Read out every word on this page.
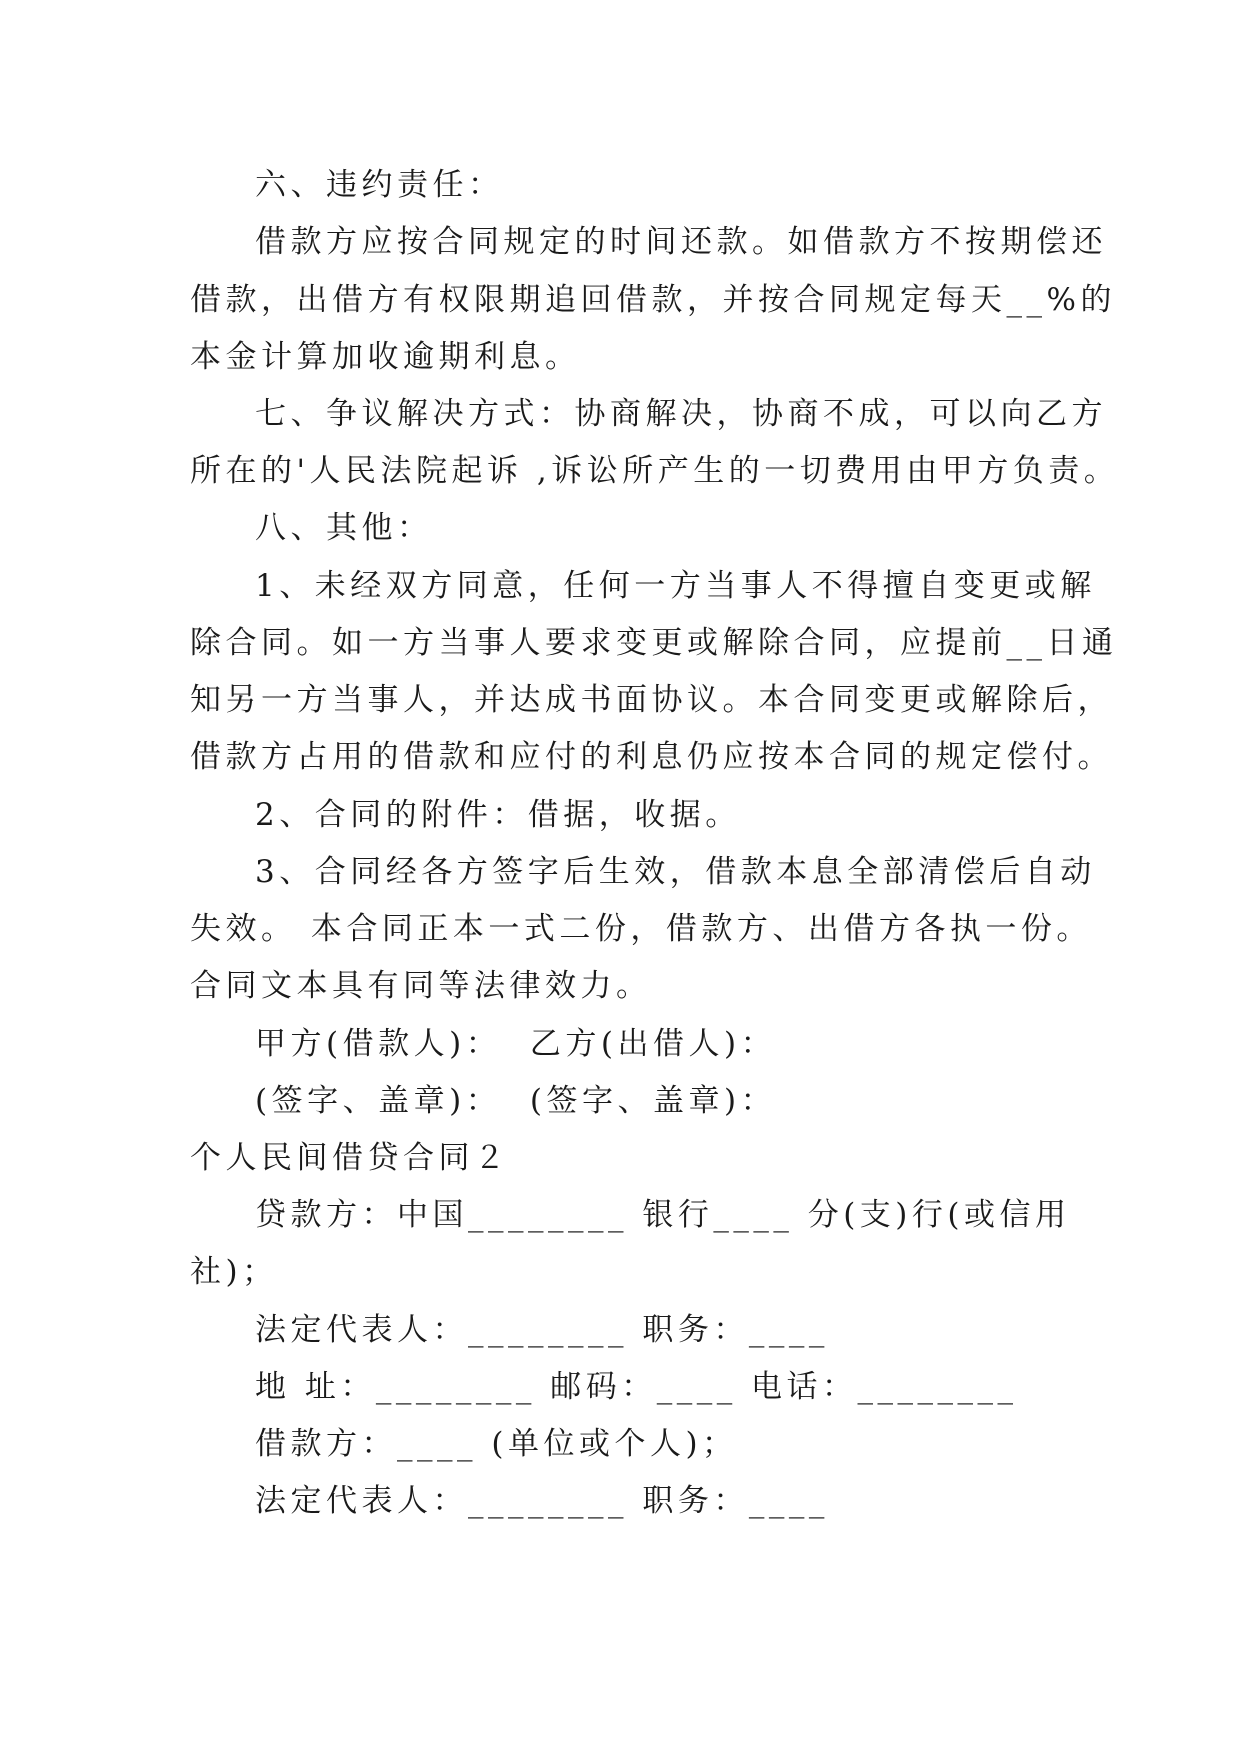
六、违约责任：
借款方应按合同规定的时间还款。如借款方不按期偿还
借款，出借方有权限期追回借款，并按合同规定每天__%的
本金计算加收逾期利息。
七、争议解决方式：协商解决，协商不成，可以向乙方
所在的'人民法院起诉 ,诉讼所产生的一切费用由甲方负责。
八、其他：
1、未经双方同意，任何一方当事人不得擅自变更或解
除合同。如一方当事人要求变更或解除合同，应提前__日通
知另一方当事人，并达成书面协议。本合同变更或解除后，
借款方占用的借款和应付的利息仍应按本合同的规定偿付。
2、合同的附件：借据，收据。
3、合同经各方签字后生效，借款本息全部清偿后自动
失效。 本合同正本一式二份，借款方、出借方各执一份。
合同文本具有同等法律效力。
甲方(借款人)：  乙方(出借人)：
(签字、盖章)：  (签字、盖章)：
个人民间借贷合同２
贷款方：中国________ 银行____ 分(支)行(或信用
社)；
法定代表人：________ 职务：____
地 址：________ 邮码：____ 电话：________
借款方：____ (单位或个人)；
法定代表人：________ 职务：____
